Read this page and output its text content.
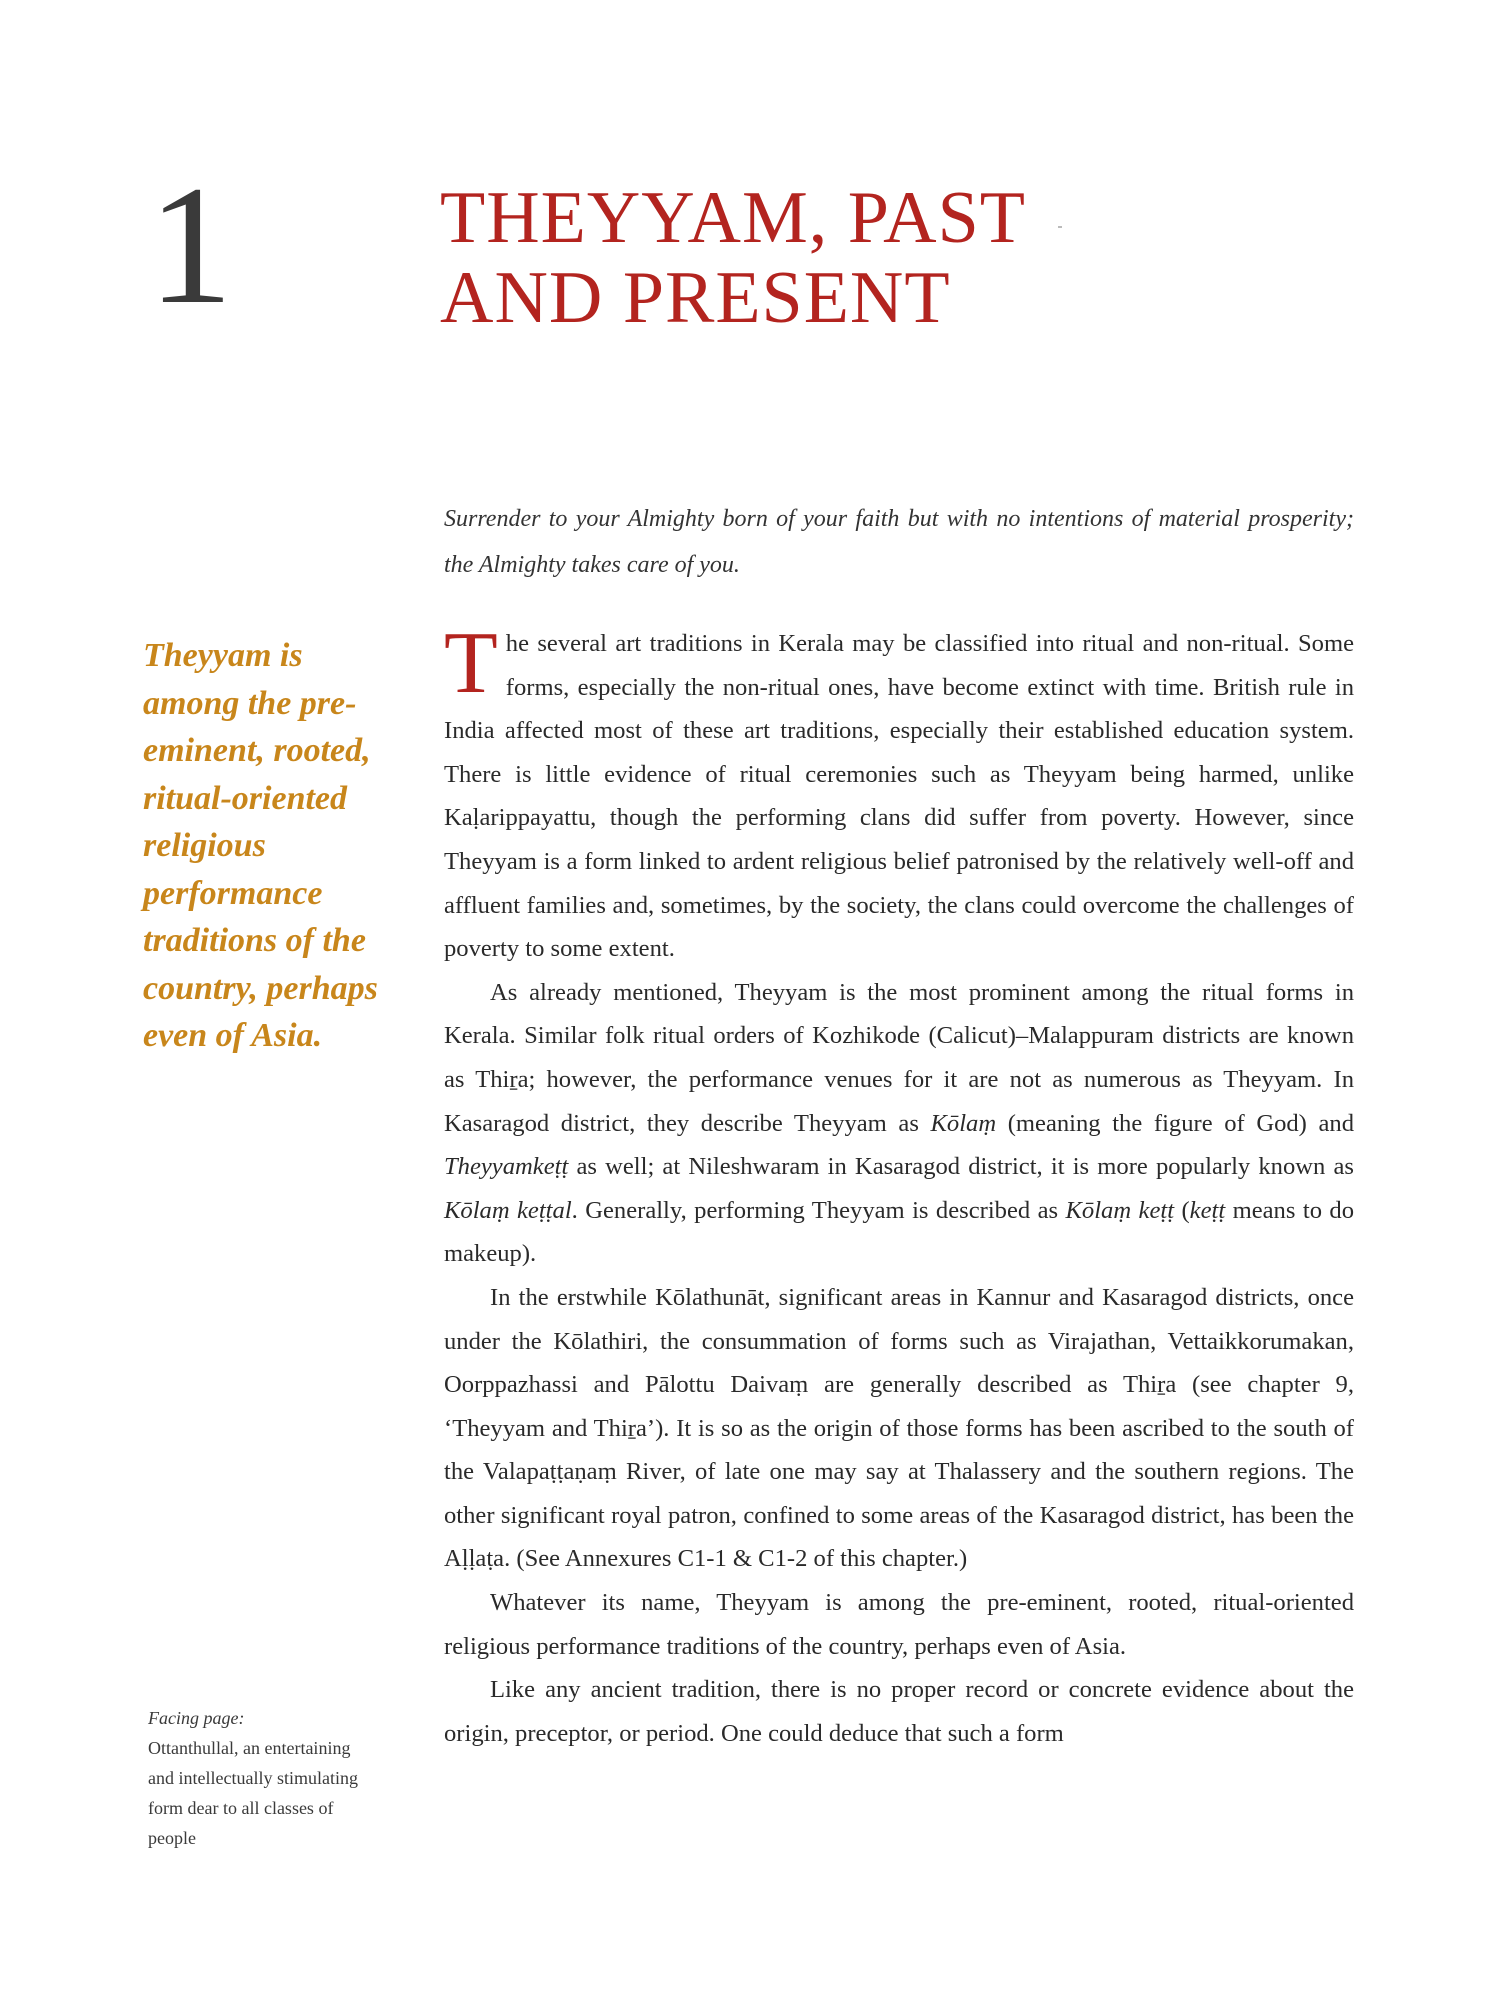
1	THEYYAM, PAST
AND PRESENT
Surrender to your Almighty born of your faith but with no intentions of material prosperity; the Almighty takes care of you.
Theyyam is among the pre-eminent, rooted, ritual-oriented religious performance traditions of the country, perhaps even of Asia.
Facing page:
Ottanthullal, an entertaining and intellectually stimulating form dear to all classes of people

The several art traditions in Kerala may be classified into ritual and non-ritual. Some forms, especially the non-ritual ones, have become extinct with time. British rule in India affected most of these art traditions, especially their established education system. There is little evidence of ritual ceremonies such as Theyyam being harmed, unlike Kaḷarippayattu, though the performing clans did suffer from poverty. However, since Theyyam is a form linked to ardent religious belief patronised by the relatively well-off and affluent families and, sometimes, by the society, the clans could overcome the challenges of poverty to some extent.

As already mentioned, Theyyam is the most prominent among the ritual forms in Kerala. Similar folk ritual orders of Kozhikode (Calicut)–Malappuram districts are known as Thiṟa; however, the performance venues for it are not as numerous as Theyyam. In Kasaragod district, they describe Theyyam as Kōlaṃ (meaning the figure of God) and Theyyamkeṭṭ as well; at Nileshwaram in Kasaragod district, it is more popularly known as Kōlaṃ keṭṭal. Generally, performing Theyyam is described as Kōlaṃ keṭṭ (keṭṭ means to do makeup).

In the erstwhile Kōlathunāt, significant areas in Kannur and Kasaragod districts, once under the Kōlathiri, the consummation of forms such as Virajathan, Vettaikkorumakan, Oorppazhassi and Pālottu Daivaṃ are generally described as Thiṟa (see chapter 9, ‘Theyyam and Thiṟa’). It is so as the origin of those forms has been ascribed to the south of the Valapaṭṭaṇaṃ River, of late one may say at Thalassery and the southern regions. The other significant royal patron, confined to some areas of the Kasaragod district, has been the Aḷḷaṭa. (See Annexures C1-1 & C1-2 of this chapter.)

Whatever its name, Theyyam is among the pre-eminent, rooted, ritual-oriented religious performance traditions of the country, perhaps even of Asia.

Like any ancient tradition, there is no proper record or concrete evidence about the origin, preceptor, or period. One could deduce that such a form
